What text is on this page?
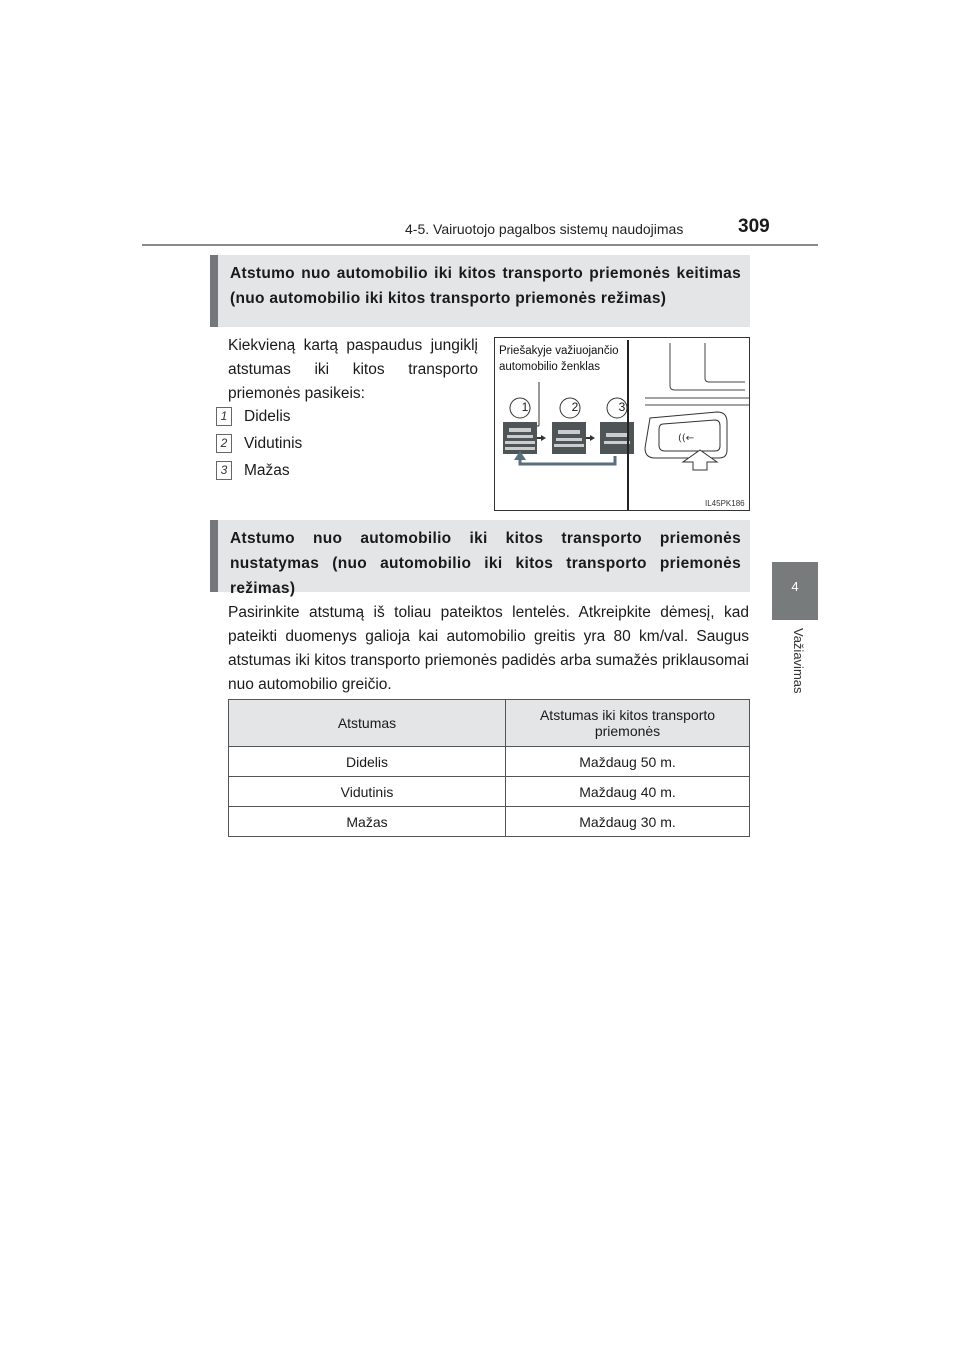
4-5. Vairuotojo pagalbos sistemų naudojimas	309
4
Važiavimas
Atstumo nuo automobilio iki kitos transporto priemonės keitimas (nuo automobilio iki kitos transporto priemonės režimas)
Kiekvieną kartą paspaudus jungiklį atstumas iki kitos transporto priemonės pasikeis:
1	Didelis
2	Vidutinis
3	Mažas
((←
Priešakyje važiuojančio automobilio ženklas
1	2	3
IL45PK186
Atstumo nuo automobilio iki kitos transporto priemonės nustatymas (nuo automobilio iki kitos transporto priemonės režimas)
Pasirinkite atstumą iš toliau pateiktos lentelės. Atkreipkite dėmesį, kad pateikti duomenys galioja kai automobilio greitis yra 80 km/val. Saugus atstumas iki kitos transporto priemonės padidės arba sumažės priklausomai nuo automobilio greičio.
Atstumas	Atstumas iki kitos transporto priemonės
Didelis	Maždaug 50 m.
Vidutinis	Maždaug 40 m.
Mažas	Maždaug 30 m.
